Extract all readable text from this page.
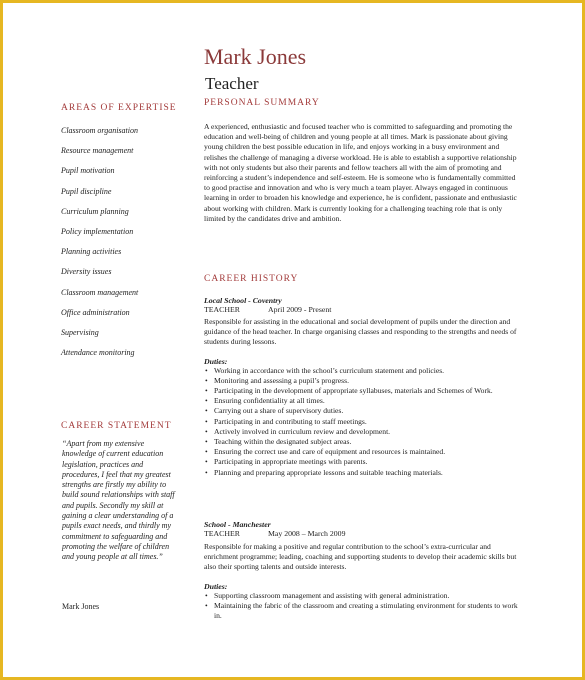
Mark Jones
Teacher
AREAS OF EXPERTISE
Classroom organisation
Resource management
Pupil motivation
Pupil discipline
Curriculum planning
Policy implementation
Planning activities
Diversity issues
Classroom management
Office administration
Supervising
Attendance monitoring
CAREER STATEMENT
“Apart from my extensive knowledge of current education legislation, practices and procedures, I feel that my greatest strengths are firstly my ability to build sound relationships with staff and pupils. Secondly my skill at gaining a clear understanding of a pupils exact needs, and thirdly my commitment to safeguarding and promoting the welfare of children and young people at all times.”
Mark Jones
PERSONAL SUMMARY
A experienced, enthusiastic and focused teacher who is committed to safeguarding and promoting the education and well-being of children and young people at all times. Mark is passionate about giving young children the best possible education in life, and enjoys working in a busy environment and relishes the challenge of managing a diverse workload. He is able to establish a supportive relationship with not only students but also their parents and fellow teachers all with the aim of promoting and reinforcing a student’s independence and self-esteem. He is someone who is fundamentally committed to good practise and innovation and who is very much a team player. Always engaged in continuous learning in order to broaden his knowledge and experience, he is confident, passionate and enthusiastic about working with children. Mark is currently looking for a challenging teaching role that is only limited by the candidates drive and ambition.
CAREER HISTORY
Local School - Coventry
TEACHER	April 2009 - Present
Responsible for assisting in the educational and social development of pupils under the direction and guidance of the head teacher. In charge organising classes and responding to the strengths and needs of students during lessons.
Duties:
• Working in accordance with the school’s curriculum statement and policies.
• Monitoring and assessing a pupil’s progress.
• Participating in the development of appropriate syllabuses, materials and Schemes of Work.
• Ensuring confidentiality at all times.
• Carrying out a share of supervisory duties.
• Participating in and contributing to staff meetings.
• Actively involved in curriculum review and development.
• Teaching within the designated subject areas.
• Ensuring the correct use and care of equipment and resources is maintained.
• Participating in appropriate meetings with parents.
• Planning and preparing appropriate lessons and suitable teaching materials.
School - Manchester
TEACHER	May 2008 – March 2009
Responsible for making a positive and regular contribution to the school’s extra-curricular and enrichment programme; leading, coaching and supporting students to develop their academic skills but also their sporting talents and outside interests.
Duties:
• Supporting classroom management and assisting with general administration.
• Maintaining the fabric of the classroom and creating a stimulating environment for students to work in.
